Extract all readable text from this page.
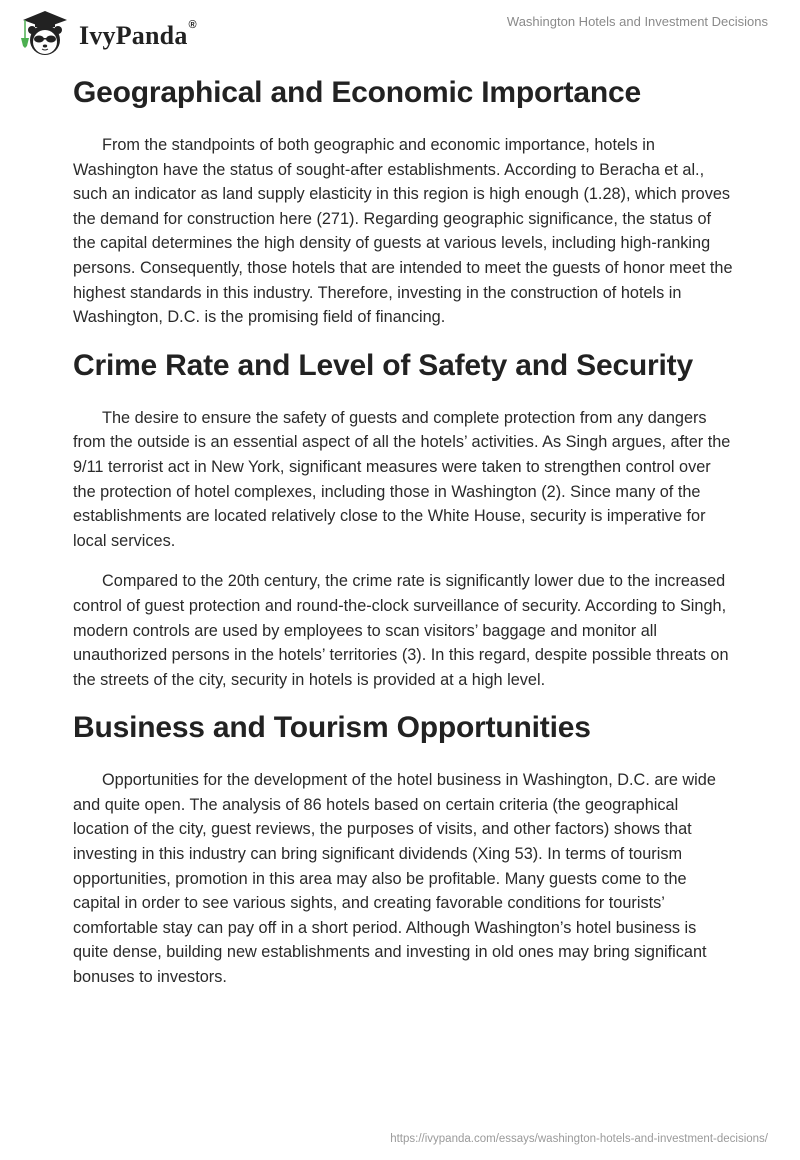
IvyPanda®	Washington Hotels and Investment Decisions
Geographical and Economic Importance

From the standpoints of both geographic and economic importance, hotels in Washington have the status of sought-after establishments. According to Beracha et al., such an indicator as land supply elasticity in this region is high enough (1.28), which proves the demand for construction here (271). Regarding geographic significance, the status of the capital determines the high density of guests at various levels, including high-ranking persons. Consequently, those hotels that are intended to meet the guests of honor meet the highest standards in this industry. Therefore, investing in the construction of hotels in Washington, D.C. is the promising field of financing.

Crime Rate and Level of Safety and Security

The desire to ensure the safety of guests and complete protection from any dangers from the outside is an essential aspect of all the hotels’ activities. As Singh argues, after the 9/11 terrorist act in New York, significant measures were taken to strengthen control over the protection of hotel complexes, including those in Washington (2). Since many of the establishments are located relatively close to the White House, security is imperative for local services.

Compared to the 20th century, the crime rate is significantly lower due to the increased control of guest protection and round-the-clock surveillance of security. According to Singh, modern controls are used by employees to scan visitors’ baggage and monitor all unauthorized persons in the hotels’ territories (3). In this regard, despite possible threats on the streets of the city, security in hotels is provided at a high level.

Business and Tourism Opportunities

Opportunities for the development of the hotel business in Washington, D.C. are wide and quite open. The analysis of 86 hotels based on certain criteria (the geographical location of the city, guest reviews, the purposes of visits, and other factors) shows that investing in this industry can bring significant dividends (Xing 53). In terms of tourism opportunities, promotion in this area may also be profitable. Many guests come to the capital in order to see various sights, and creating favorable conditions for tourists’ comfortable stay can pay off in a short period. Although Washington’s hotel business is quite dense, building new establishments and investing in old ones may bring significant bonuses to investors.

https://ivypanda.com/essays/washington-hotels-and-investment-decisions/
